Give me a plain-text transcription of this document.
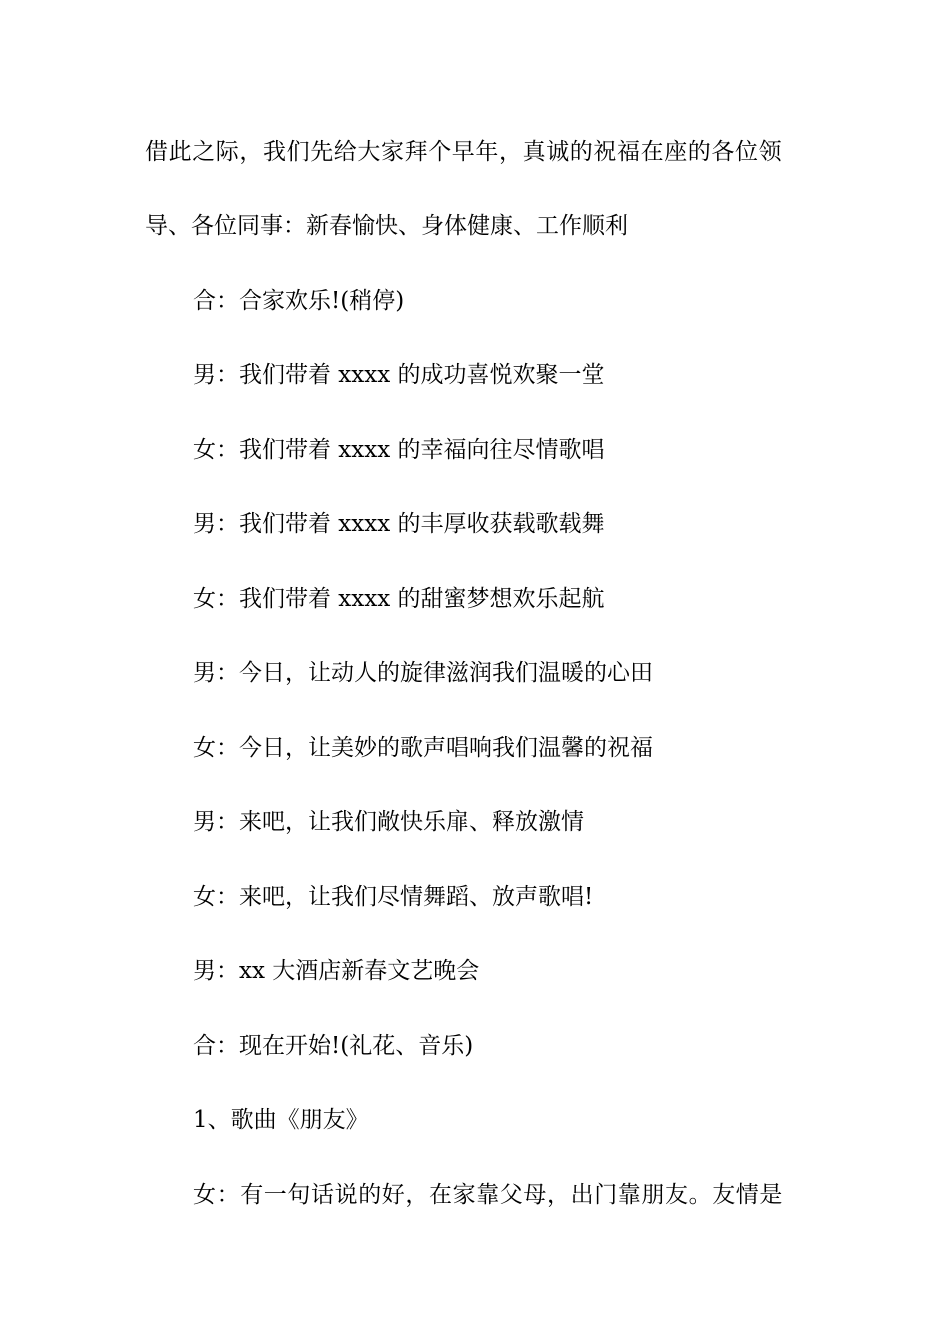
借此之际，我们先给大家拜个早年，真诚的祝福在座的各位领

导、各位同事：新春愉快、身体健康、工作顺利

合：合家欢乐!(稍停)

男：我们带着 xxxx 的成功喜悦欢聚一堂

女：我们带着 xxxx 的幸福向往尽情歌唱

男：我们带着 xxxx 的丰厚收获载歌载舞

女：我们带着 xxxx 的甜蜜梦想欢乐起航

男：今日，让动人的旋律滋润我们温暖的心田

女：今日，让美妙的歌声唱响我们温馨的祝福

男：来吧，让我们敞快乐扉、释放激情

女：来吧，让我们尽情舞蹈、放声歌唱!

男：xx 大酒店新春文艺晚会

合：现在开始!(礼花、音乐)

1、歌曲《朋友》

女：有一句话说的好，在家靠父母，出门靠朋友。友情是
